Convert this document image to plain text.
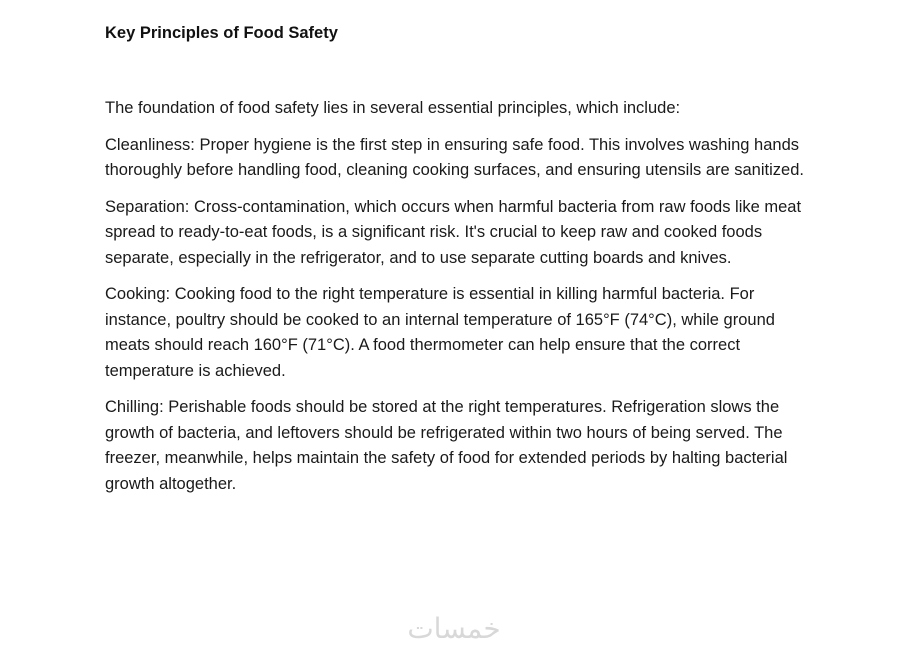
Key Principles of Food Safety

The foundation of food safety lies in several essential principles, which include:

Cleanliness: Proper hygiene is the first step in ensuring safe food. This involves washing hands thoroughly before handling food, cleaning cooking surfaces, and ensuring utensils are sanitized.

Separation: Cross-contamination, which occurs when harmful bacteria from raw foods like meat spread to ready-to-eat foods, is a significant risk. It's crucial to keep raw and cooked foods separate, especially in the refrigerator, and to use separate cutting boards and knives.

Cooking: Cooking food to the right temperature is essential in killing harmful bacteria. For instance, poultry should be cooked to an internal temperature of 165°F (74°C), while ground meats should reach 160°F (71°C). A food thermometer can help ensure that the correct temperature is achieved.

Chilling: Perishable foods should be stored at the right temperatures. Refrigeration slows the growth of bacteria, and leftovers should be refrigerated within two hours of being served. The freezer, meanwhile, helps maintain the safety of food for extended periods by halting bacterial growth altogether.

خمسات
